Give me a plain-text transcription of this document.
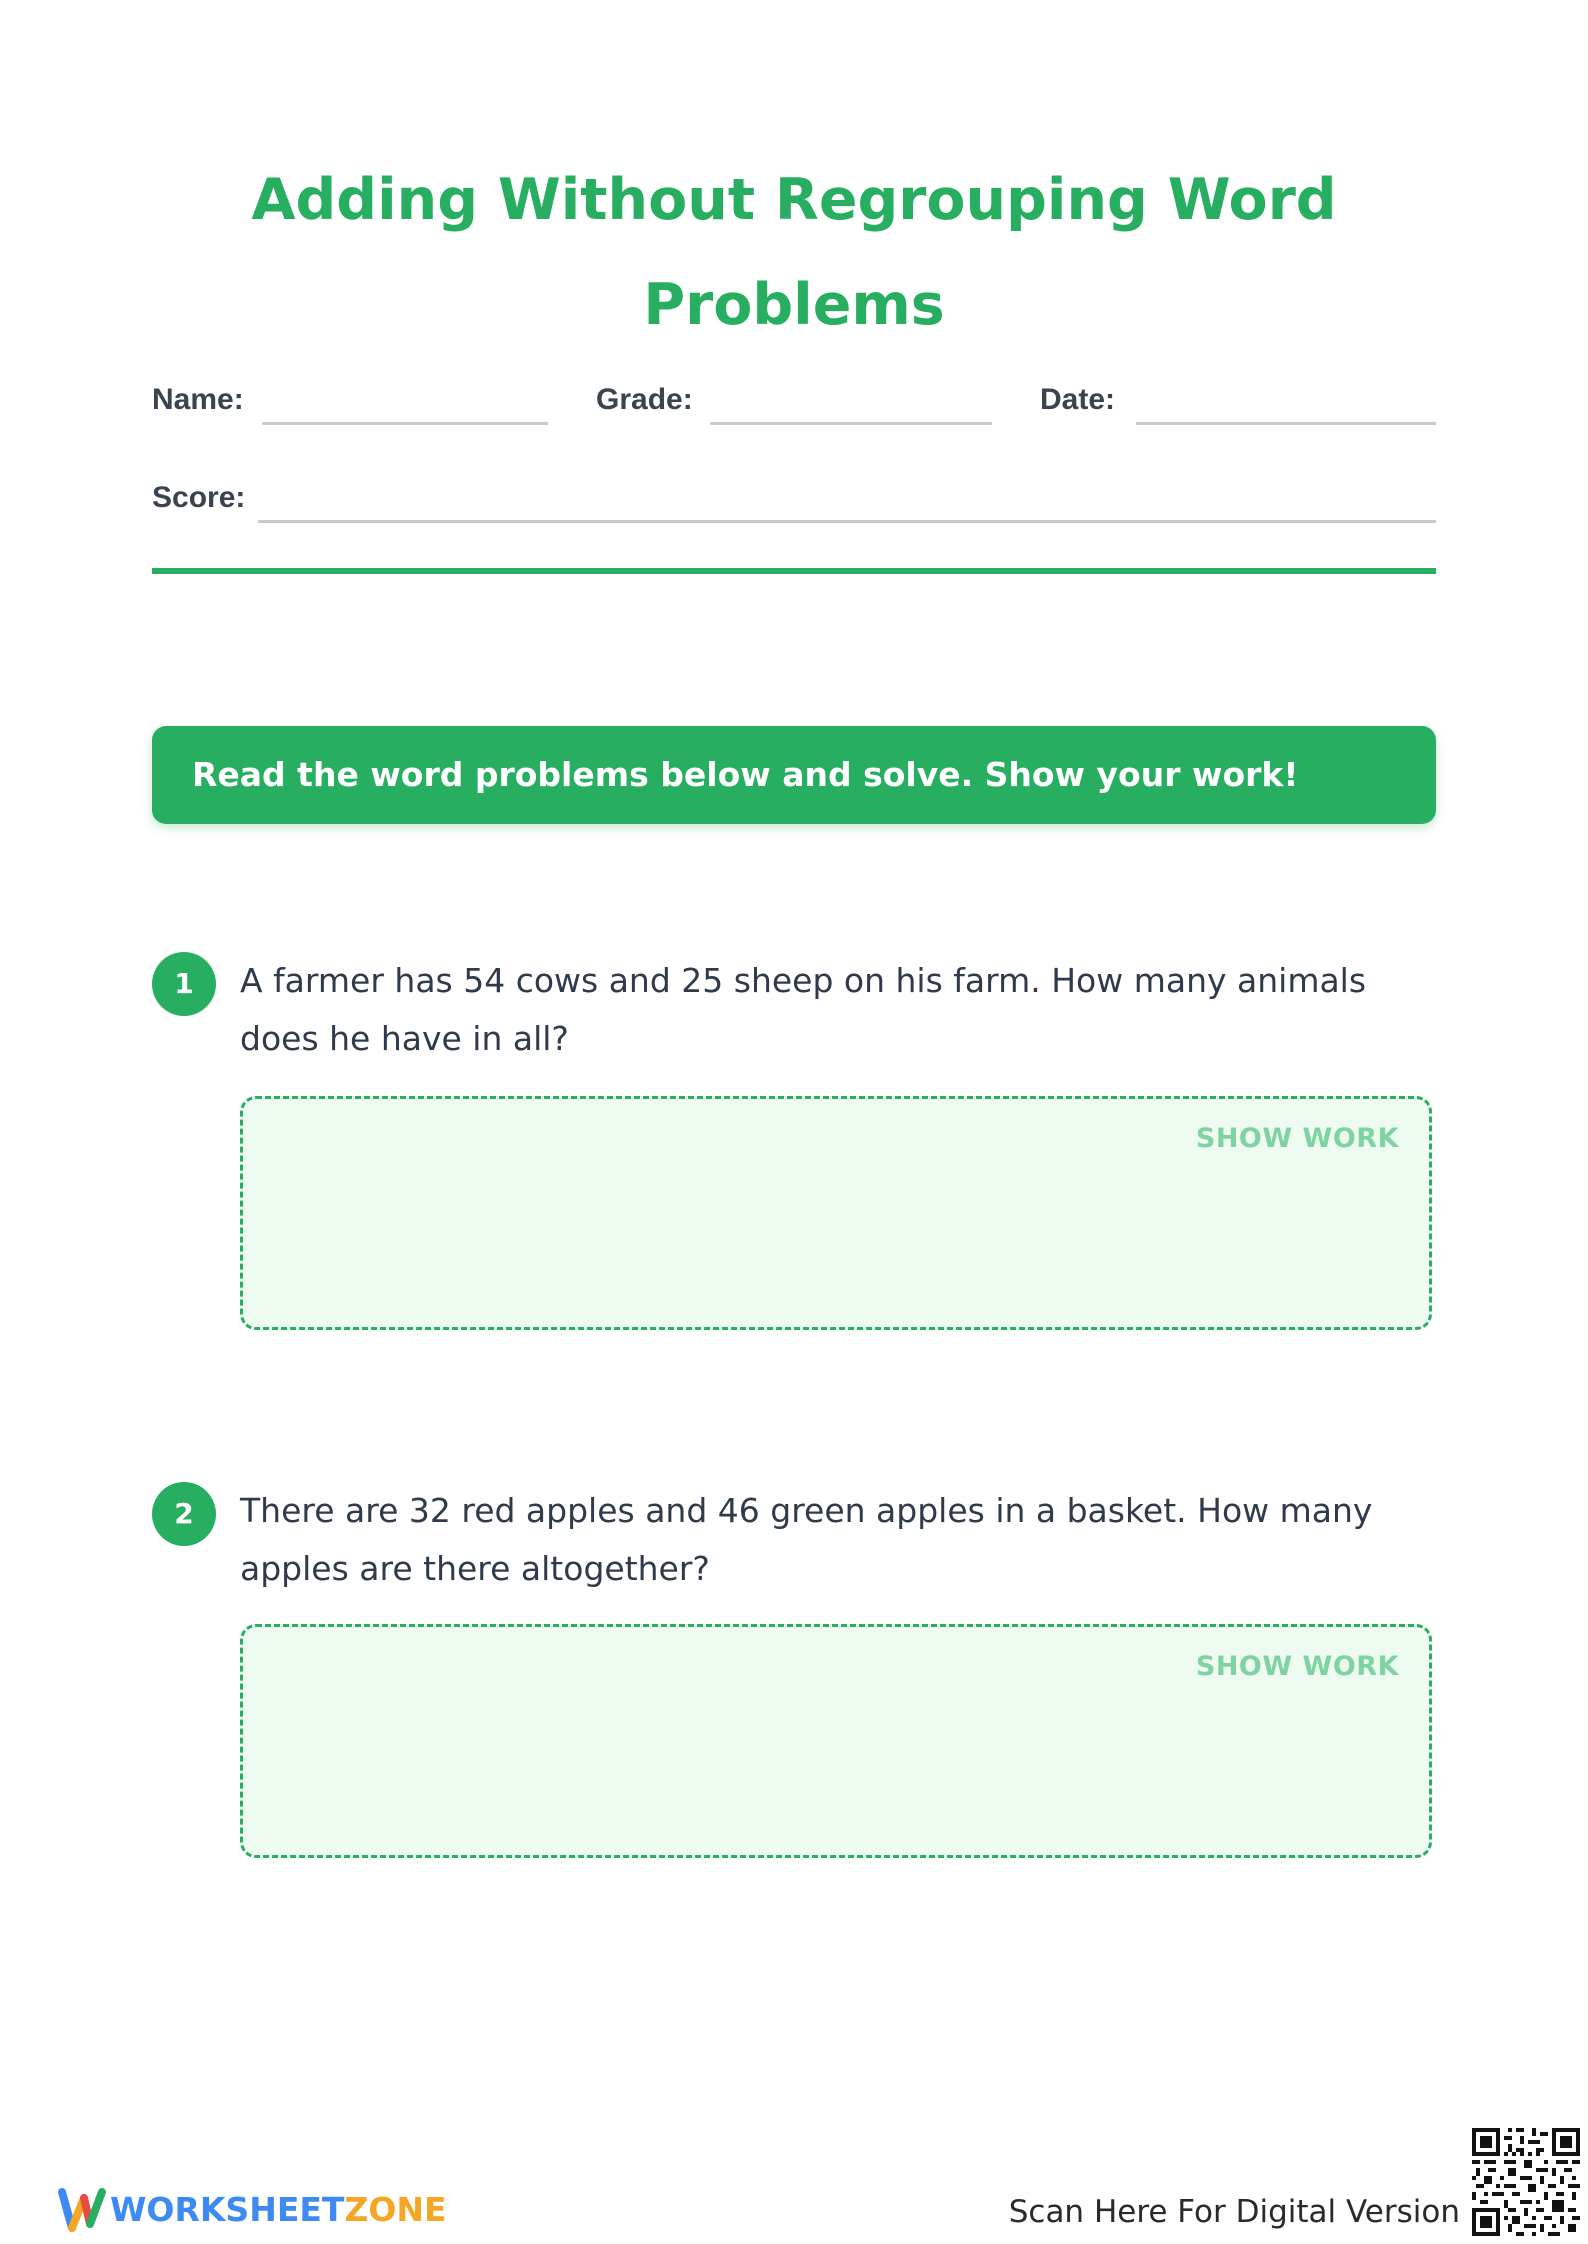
Adding Without Regrouping Word Problems
Name:	Grade:	Date:
Score:
Read the word problems below and solve. Show your work!
1	A farmer has 54 cows and 25 sheep on his farm. How many animals does he have in all?
SHOW WORK
2	There are 32 red apples and 46 green apples in a basket. How many apples are there altogether?
SHOW WORK
WORKSHEETZONE	Scan Here For Digital Version
